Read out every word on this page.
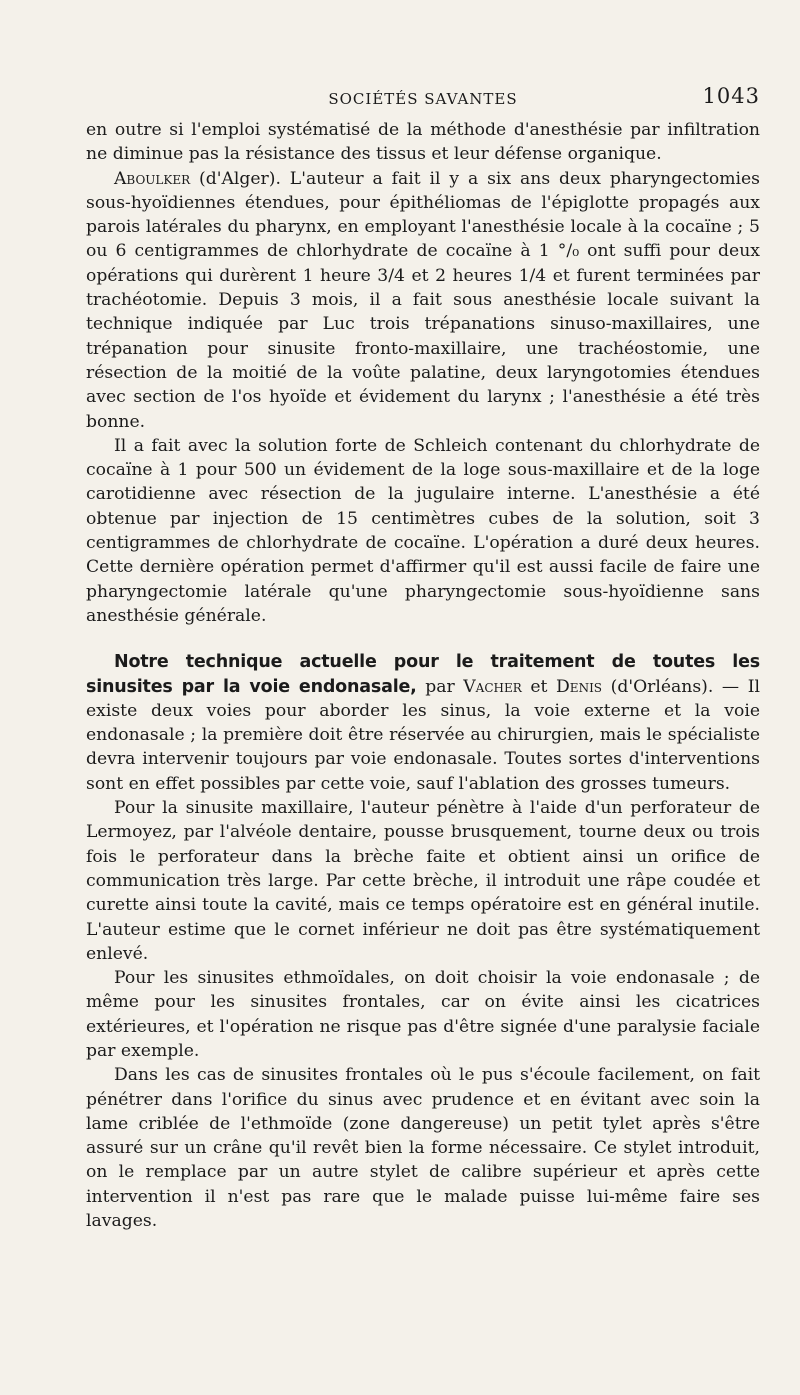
SOCIÉTÉS SAVANTES	1043

en outre si l'emploi systématisé de la méthode d'anesthésie par infiltration ne diminue pas la résistance des tissus et leur défense organique.

Aboulker (d'Alger). L'auteur a fait il y a six ans deux pharyngectomies sous-hyoïdiennes étendues, pour épithéliomas de l'épiglotte propagés aux parois latérales du pharynx, en employant l'anesthésie locale à la cocaïne ; 5 ou 6 centigrammes de chlorhydrate de cocaïne à 1 °/₀ ont suffi pour deux opérations qui durèrent 1 heure 3/4 et 2 heures 1/4 et furent terminées par trachéotomie. Depuis 3 mois, il a fait sous anesthésie locale suivant la technique indiquée par Luc trois trépanations sinuso-maxillaires, une trépanation pour sinusite fronto-maxillaire, une trachéostomie, une résection de la moitié de la voûte palatine, deux laryngotomies étendues avec section de l'os hyoïde et évidement du larynx ; l'anesthésie a été très bonne.

Il a fait avec la solution forte de Schleich contenant du chlorhydrate de cocaïne à 1 pour 500 un évidement de la loge sous-maxillaire et de la loge carotidienne avec résection de la jugulaire interne. L'anesthésie a été obtenue par injection de 15 centimètres cubes de la solution, soit 3 centigrammes de chlorhydrate de cocaïne. L'opération a duré deux heures. Cette dernière opération permet d'affirmer qu'il est aussi facile de faire une pharyngectomie latérale qu'une pharyngectomie sous-hyoïdienne sans anesthésie générale.

Notre technique actuelle pour le traitement de toutes les sinusites par la voie endonasale, par Vacher et Denis (d'Orléans). — Il existe deux voies pour aborder les sinus, la voie externe et la voie endonasale ; la première doit être réservée au chirurgien, mais le spécialiste devra intervenir toujours par voie endonasale. Toutes sortes d'interventions sont en effet possibles par cette voie, sauf l'ablation des grosses tumeurs.

Pour la sinusite maxillaire, l'auteur pénètre à l'aide d'un perforateur de Lermoyez, par l'alvéole dentaire, pousse brusquement, tourne deux ou trois fois le perforateur dans la brèche faite et obtient ainsi un orifice de communication très large. Par cette brèche, il introduit une râpe coudée et curette ainsi toute la cavité, mais ce temps opératoire est en général inutile. L'auteur estime que le cornet inférieur ne doit pas être systématiquement enlevé.

Pour les sinusites ethmoïdales, on doit choisir la voie endonasale ; de même pour les sinusites frontales, car on évite ainsi les cicatrices extérieures, et l'opération ne risque pas d'être signée d'une paralysie faciale par exemple.

Dans les cas de sinusites frontales où le pus s'écoule facilement, on fait pénétrer dans l'orifice du sinus avec prudence et en évitant avec soin la lame criblée de l'ethmoïde (zone dangereuse) un petit tylet après s'être assuré sur un crâne qu'il revêt bien la forme nécessaire. Ce stylet introduit, on le remplace par un autre stylet de calibre supérieur et après cette intervention il n'est pas rare que le malade puisse lui-même faire ses lavages.
